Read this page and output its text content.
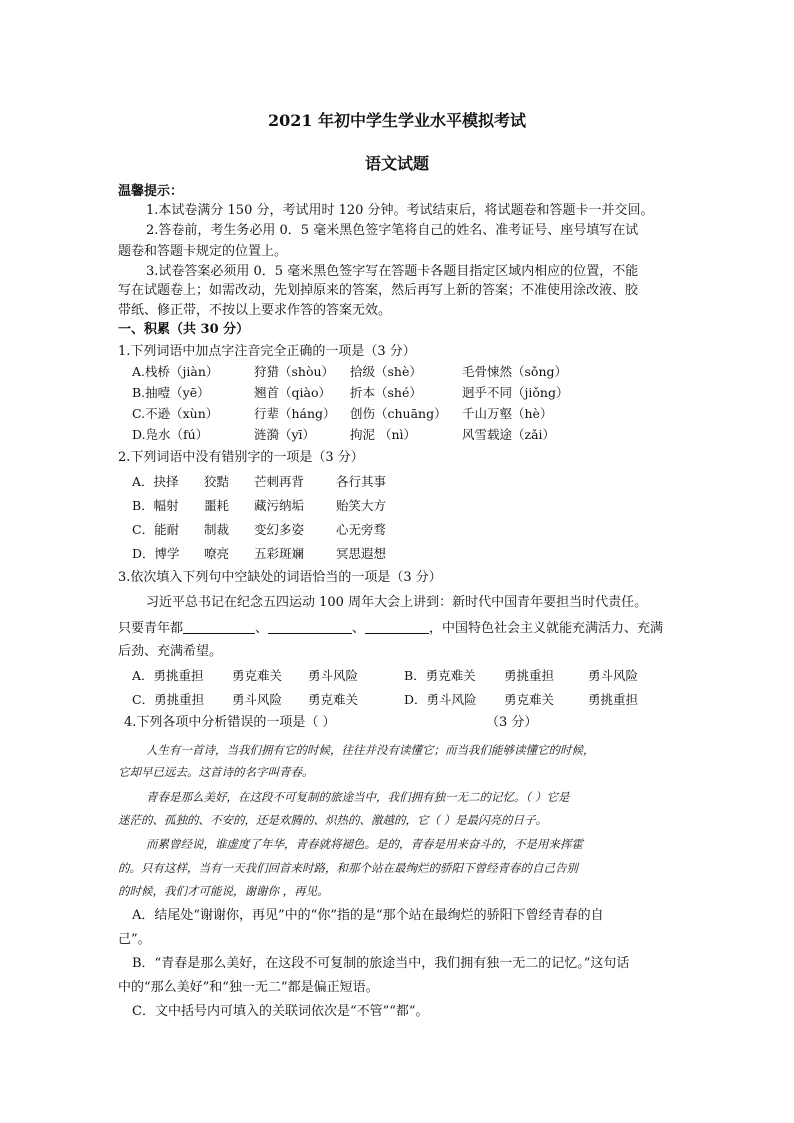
2021 年初中学生学业水平模拟考试
语文试题
温馨提示：
1.本试卷满分 150 分，考试用时 120 分钟。考试结束后，将试题卷和答题卡一并交回。
2.答卷前，考生务必用 0．5 毫米黑色签字笔将自己的姓名、准考证号、座号填写在试
题卷和答题卡规定的位置上。
3.试卷答案必须用 0．5 毫米黑色签字写在答题卡各题目指定区域内相应的位置，不能
写在试题卷上；如需改动，先划掉原来的答案，然后再写上新的答案；不准使用涂改液、胶
带纸、修正带，不按以上要求作答的答案无效。
一、积累（共 30 分）
1.下列词语中加点字注音完全正确的一项是（3 分）
A.栈桥（jiàn）	狩猎（shòu） 拾级（shè）	毛骨悚然（sǒng）
B.抽噎（yē）	翘首（qiào） 折本（shé）	迥乎不同（jiǒng）
C.不逊（xùn）	行辈（háng） 创伤（chuāng） 千山万壑（hè）
D.凫水（fú）	涟漪（yī）	拘泥 （nì）	风雪载途（zǎi）
2.下列词语中没有错别字的一项是（3 分）
A．抉择 狡黠 芒刺再背	各行其事
B．幅射 噩耗 藏污纳垢	贻笑大方
C．能耐 制裁 变幻多姿	心无旁骛
D．博学 嘹亮 五彩斑斓	冥思遐想
3.依次填入下列句中空缺处的词语恰当的一项是（3 分）
习近平总书记在纪念五四运动 100 周年大会上讲到：新时代中国青年要担当时代责任。
只要青年都	、	、	，中国特色社会主义就能充满活力、充满
后劲、充满希望。
A．勇挑重担 勇克难关 勇斗风险	B．勇克难关 勇挑重担	勇斗风险
C．勇挑重担 勇斗风险 勇克难关	D．勇斗风险 勇克难关	勇挑重担
4.下列各项中分析错误的一项是（ ）	（3 分）
人生有一首诗，当我们拥有它的时候，往往并没有读懂它；而当我们能够读懂它的时候，
它却早已远去。这首诗的名字叫青春。
青春是那么美好，在这段不可复制的旅途当中，我们拥有独一无二的记忆。（ ）它是
迷茫的、孤独的、不安的，还是欢腾的、炽热的、激越的，它（ ）是最闪亮的日子。
而累曾经说，谁虚度了年华，青春就将褪色。是的，青春是用来奋斗的，不是用来挥霍
的。只有这样，当有一天我们回首来时路，和那个站在最绚烂的骄阳下曾经青春的自己告别
的时候，我们才可能说，谢谢你 ，再见。
A．结尾处“谢谢你，再见”中的“你”指的是“那个站在最绚烂的骄阳下曾经青春的自
己”。
B．“青春是那么美好，在这段不可复制的旅途当中，我们拥有独一无二的记忆。”这句话
中的“那么美好”和“独一无二”都是偏正短语。
C．文中括号内可填入的关联词依次是“不管”“都”。
